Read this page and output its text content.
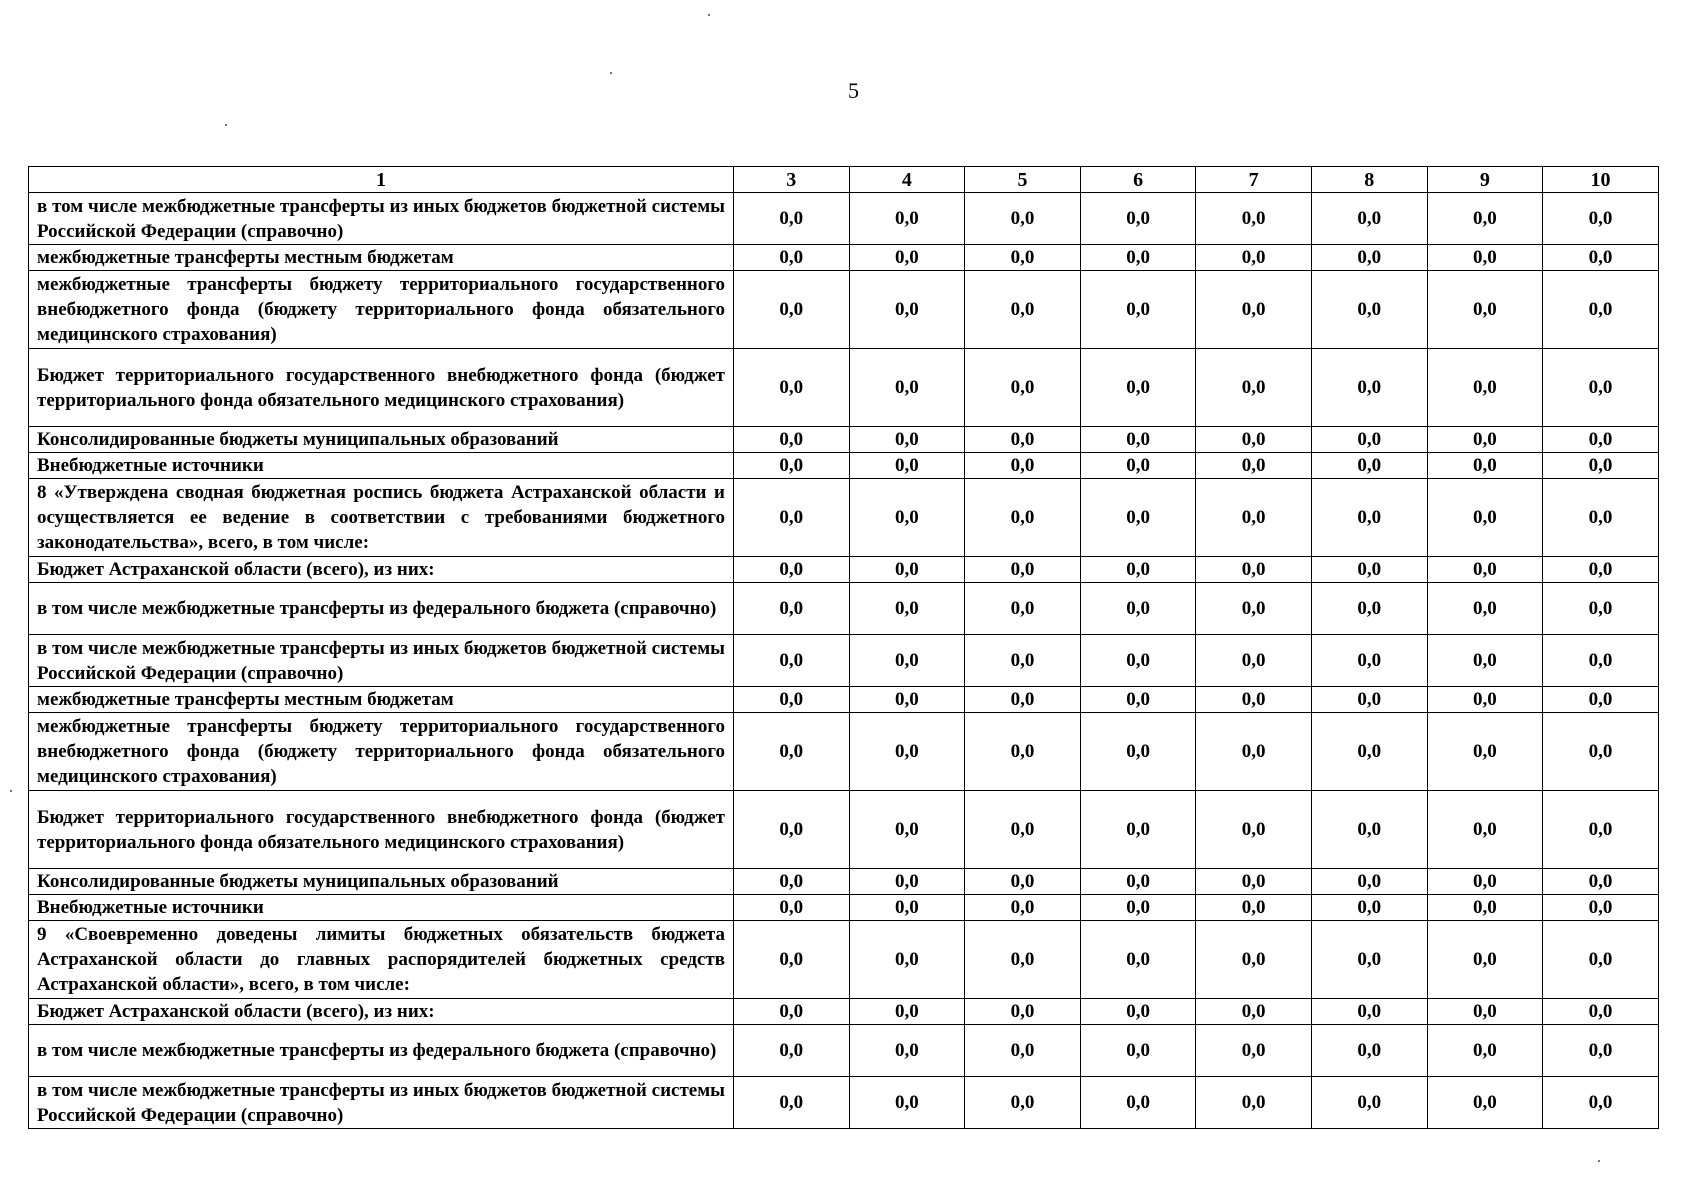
5
1	3	4	5	6	7	8	9	10
в том числе межбюджетные трансферты из иных бюджетов бюджетной системы Российской Федерации (справочно)	0,0	0,0	0,0	0,0	0,0	0,0	0,0	0,0
межбюджетные трансферты местным бюджетам	0,0	0,0	0,0	0,0	0,0	0,0	0,0	0,0
межбюджетные трансферты бюджету территориального государственного внебюджетного фонда (бюджету территориального фонда обязательного медицинского страхования)	0,0	0,0	0,0	0,0	0,0	0,0	0,0	0,0
Бюджет территориального государственного внебюджетного фонда (бюджет территориального фонда обязательного медицинского страхования)	0,0	0,0	0,0	0,0	0,0	0,0	0,0	0,0
Консолидированные бюджеты муниципальных образований	0,0	0,0	0,0	0,0	0,0	0,0	0,0	0,0
Внебюджетные источники	0,0	0,0	0,0	0,0	0,0	0,0	0,0	0,0
8 «Утверждена сводная бюджетная роспись бюджета Астраханской области и осуществляется ее ведение в соответствии с требованиями бюджетного законодательства», всего, в том числе:	0,0	0,0	0,0	0,0	0,0	0,0	0,0	0,0
Бюджет Астраханской области (всего), из них:	0,0	0,0	0,0	0,0	0,0	0,0	0,0	0,0
в том числе межбюджетные трансферты из федерального бюджета (справочно)	0,0	0,0	0,0	0,0	0,0	0,0	0,0	0,0
в том числе межбюджетные трансферты из иных бюджетов бюджетной системы Российской Федерации (справочно)	0,0	0,0	0,0	0,0	0,0	0,0	0,0	0,0
межбюджетные трансферты местным бюджетам	0,0	0,0	0,0	0,0	0,0	0,0	0,0	0,0
межбюджетные трансферты бюджету территориального государственного внебюджетного фонда (бюджету территориального фонда обязательного медицинского страхования)	0,0	0,0	0,0	0,0	0,0	0,0	0,0	0,0
Бюджет территориального государственного внебюджетного фонда (бюджет территориального фонда обязательного медицинского страхования)	0,0	0,0	0,0	0,0	0,0	0,0	0,0	0,0
Консолидированные бюджеты муниципальных образований	0,0	0,0	0,0	0,0	0,0	0,0	0,0	0,0
Внебюджетные источники	0,0	0,0	0,0	0,0	0,0	0,0	0,0	0,0
9 «Своевременно доведены лимиты бюджетных обязательств бюджета Астраханской области до главных распорядителей бюджетных средств Астраханской области», всего, в том числе:	0,0	0,0	0,0	0,0	0,0	0,0	0,0	0,0
Бюджет Астраханской области (всего), из них:	0,0	0,0	0,0	0,0	0,0	0,0	0,0	0,0
в том числе межбюджетные трансферты из федерального бюджета (справочно)	0,0	0,0	0,0	0,0	0,0	0,0	0,0	0,0
в том числе межбюджетные трансферты из иных бюджетов бюджетной системы Российской Федерации (справочно)	0,0	0,0	0,0	0,0	0,0	0,0	0,0	0,0
